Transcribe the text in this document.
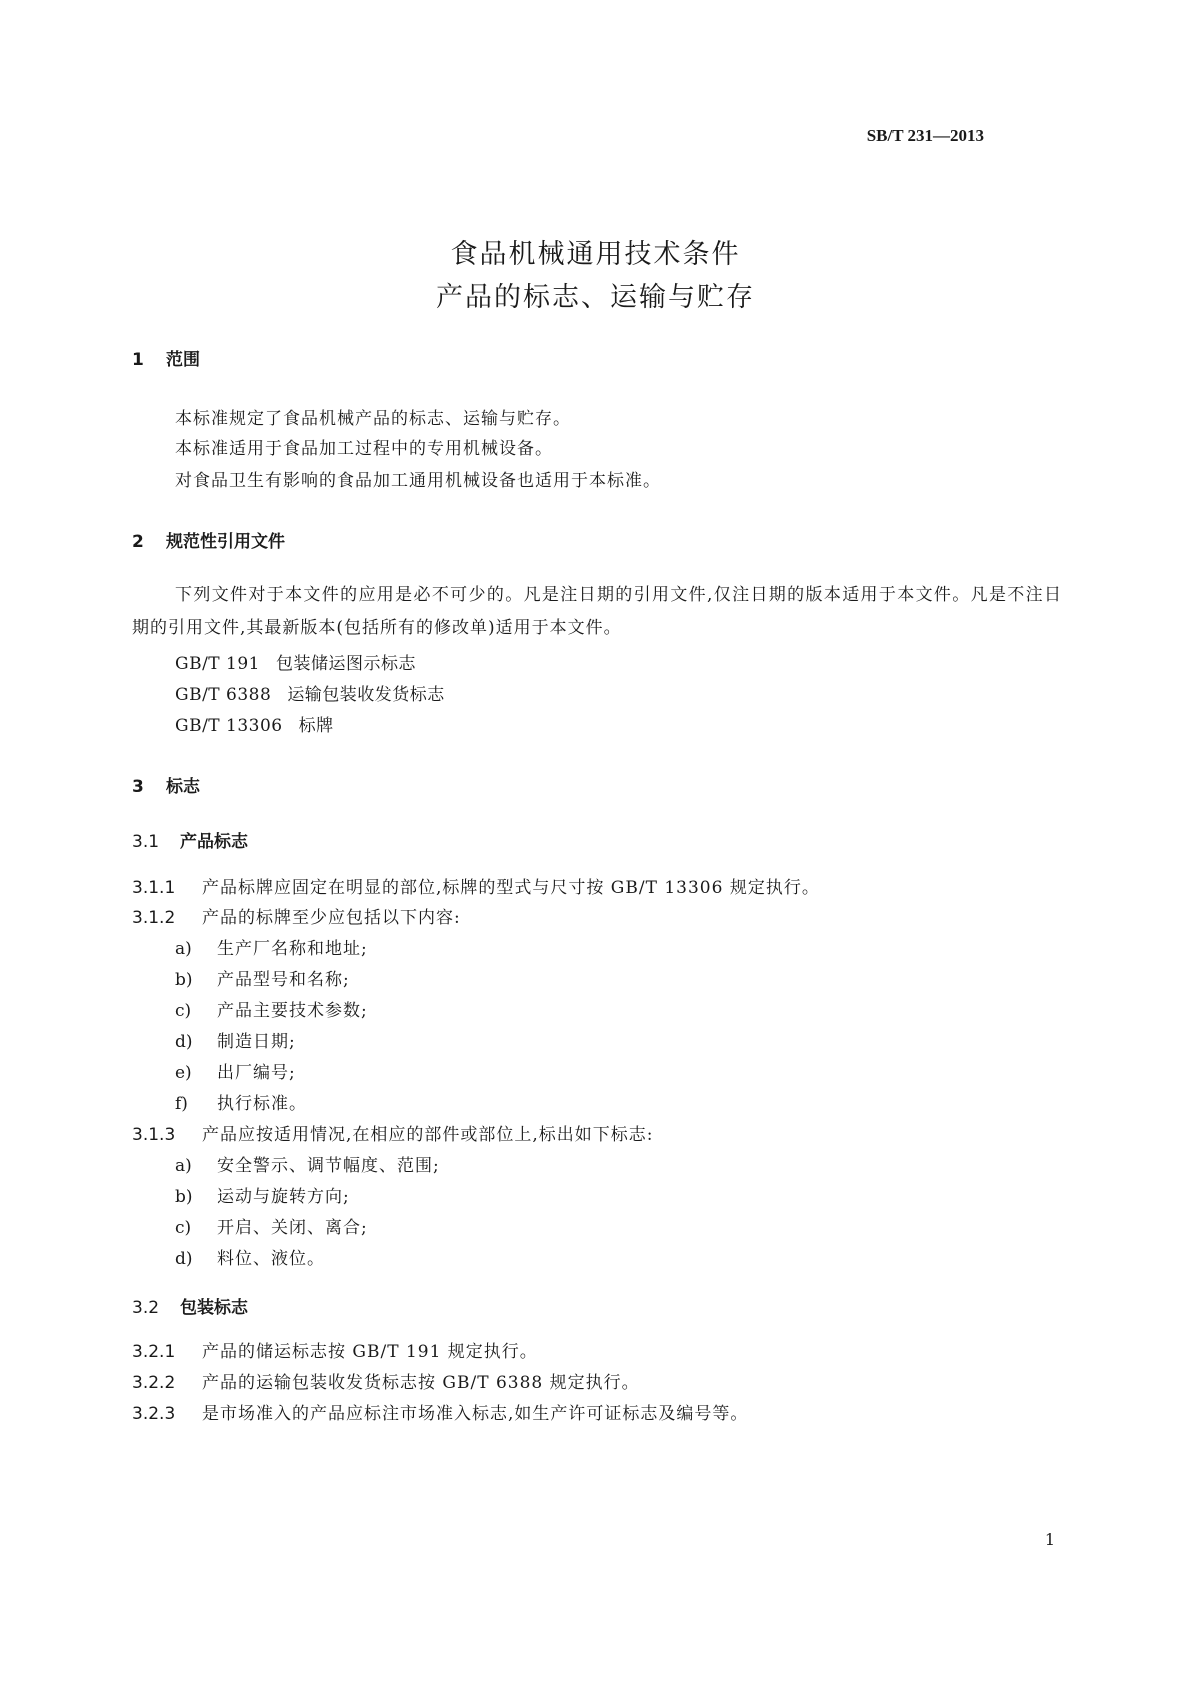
SB/T 231—2013
食品机械通用技术条件
产品的标志、运输与贮存
1 范围
本标准规定了食品机械产品的标志、运输与贮存。
本标准适用于食品加工过程中的专用机械设备。
对食品卫生有影响的食品加工通用机械设备也适用于本标准。
2 规范性引用文件
下列文件对于本文件的应用是必不可少的。凡是注日期的引用文件,仅注日期的版本适用于本文件。凡是不注日期的引用文件,其最新版本(包括所有的修改单)适用于本文件。
GB/T 191 包装储运图示标志
GB/T 6388 运输包装收发货标志
GB/T 13306 标牌
3 标志
3.1 产品标志
3.1.1 产品标牌应固定在明显的部位,标牌的型式与尺寸按 GB/T 13306 规定执行。
3.1.2 产品的标牌至少应包括以下内容:
a) 生产厂名称和地址;
b) 产品型号和名称;
c) 产品主要技术参数;
d) 制造日期;
e) 出厂编号;
f) 执行标准。
3.1.3 产品应按适用情况,在相应的部件或部位上,标出如下标志:
a) 安全警示、调节幅度、范围;
b) 运动与旋转方向;
c) 开启、关闭、离合;
d) 料位、液位。
3.2 包装标志
3.2.1 产品的储运标志按 GB/T 191 规定执行。
3.2.2 产品的运输包装收发货标志按 GB/T 6388 规定执行。
3.2.3 是市场准入的产品应标注市场准入标志,如生产许可证标志及编号等。
1
